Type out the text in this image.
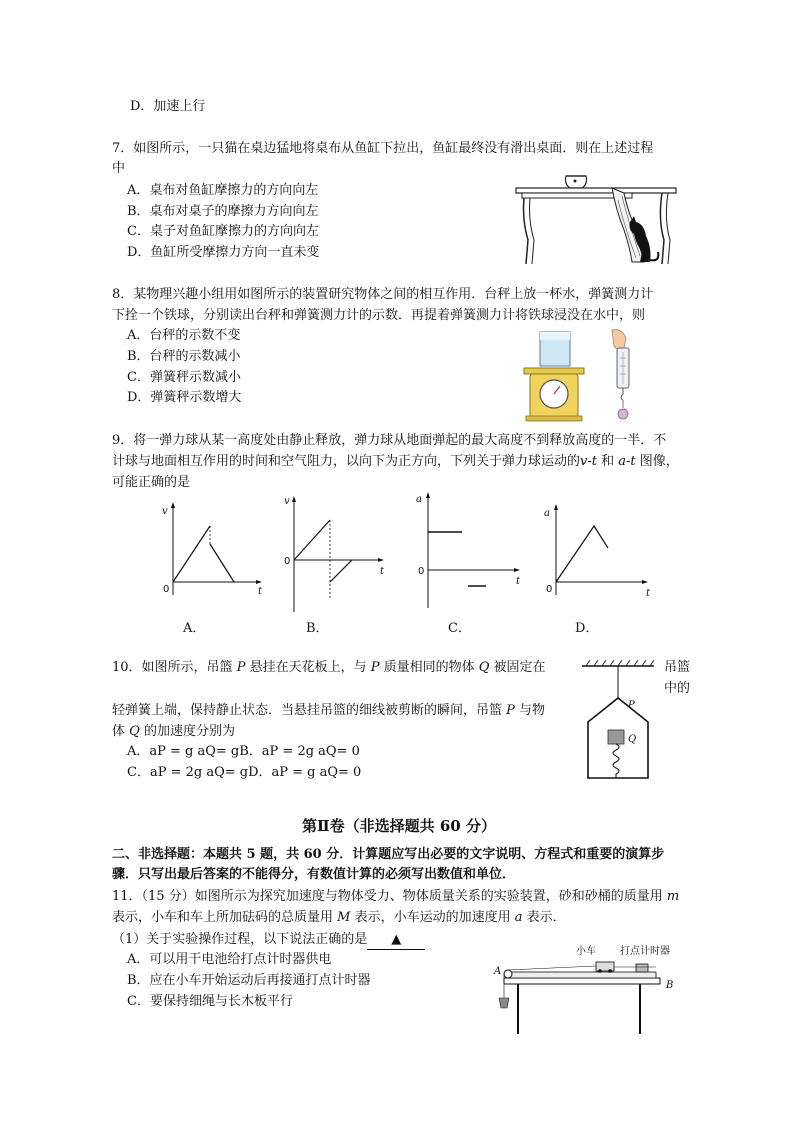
D．加速上行
7．如图所示，一只猫在桌边猛地将桌布从鱼缸下拉出，鱼缸最终没有滑出桌面．则在上述过程
中
A．桌布对鱼缸摩擦力的方向向左
B．桌布对桌子的摩擦力方向向左
C．桌子对鱼缸摩擦力的方向向左
D．鱼缸所受摩擦力方向一直未变
8．某物理兴趣小组用如图所示的装置研究物体之间的相互作用．台秤上放一杯水，弹簧测力计
下拴一个铁球，分别读出台秤和弹簧测力计的示数．再提着弹簧测力计将铁球浸没在水中，则
A．台秤的示数不变
B．台秤的示数减小
C．弹簧秤示数减小
D．弹簧秤示数增大
9．将一弹力球从某一高度处由静止释放，弹力球从地面弹起的最大高度不到释放高度的一半．不
计球与地面相互作用的时间和空气阻力，以向下为正方向，下列关于弹力球运动的v-t 和 a-t 图像，
可能正确的是
v
t
0
v
t
0
a
t
0
a
t
0
A．	B．	C．	D．
10．如图所示，吊篮 P 悬挂在天花板上，与 P 质量相同的物体 Q 被固定在	吊篮
中的
轻弹簧上端，保持静止状态．当悬挂吊篮的细线被剪断的瞬间，吊篮 P 与物
体 Q 的加速度分别为
A．aP = g aQ= gB．aP = 2g aQ= 0
C．aP = 2g aQ= gD．aP = g aQ= 0
P
Q
第Ⅱ卷（非选择题共 60 分）
二、非选择题：本题共 5 题，共 60 分．计算题应写出必要的文字说明、方程式和重要的演算步
骤．只写出最后答案的不能得分，有数值计算的必须写出数值和单位．
11．（15 分）如图所示为探究加速度与物体受力、物体质量关系的实验装置，砂和砂桶的质量用 m
表示，小车和车上所加砝码的总质量用 M 表示，小车运动的加速度用 a 表示．
（1）关于实验操作过程，以下说法正确的是 ▲
A．可以用干电池给打点计时器供电
B．应在小车开始运动后再接通打点计时器
C．要保持细绳与长木板平行
小车 打点计时器
A
B
